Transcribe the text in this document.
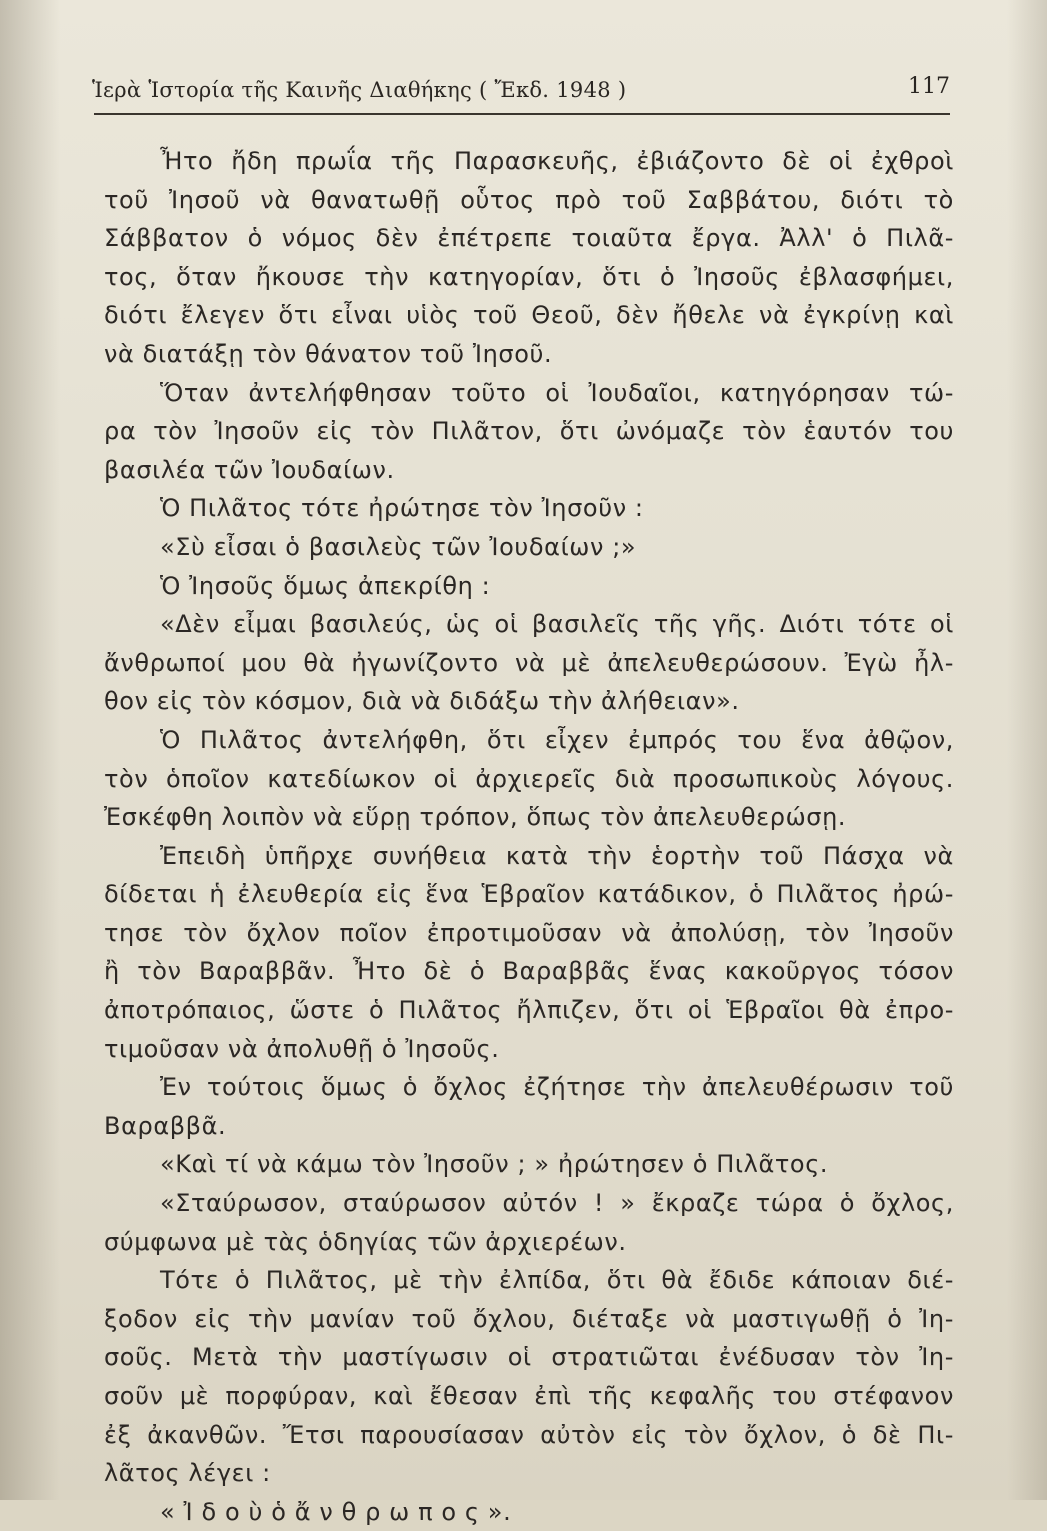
Ἱερὰ Ἱστορία τῆς Καινῆς Διαθήκης ( Ἔκδ. 1948 )	117
Ἦτο ἤδη πρωΐα τῆς Παρασκευῆς, ἐβιάζοντο δὲ οἱ ἐχθροὶ
τοῦ Ἰησοῦ νὰ θανατωθῇ οὗτος πρὸ τοῦ Σαββάτου, διότι τὸ
Σάββατον ὁ νόμος δὲν ἐπέτρεπε τοιαῦτα ἔργα. Ἀλλ' ὁ Πιλᾶ-
τος, ὅταν ἤκουσε τὴν κατηγορίαν, ὅτι ὁ Ἰησοῦς ἐβλασφήμει,
διότι ἔλεγεν ὅτι εἶναι υἱὸς τοῦ Θεοῦ, δὲν ἤθελε νὰ ἐγκρίνῃ καὶ
νὰ διατάξῃ τὸν θάνατον τοῦ Ἰησοῦ.
Ὅταν ἀντελήφθησαν τοῦτο οἱ Ἰουδαῖοι, κατηγόρησαν τώ-
ρα τὸν Ἰησοῦν εἰς τὸν Πιλᾶτον, ὅτι ὠνόμαζε τὸν ἑαυτόν του
βασιλέα τῶν Ἰουδαίων.
Ὁ Πιλᾶτος τότε ἠρώτησε τὸν Ἰησοῦν :
«Σὺ εἶσαι ὁ βασιλεὺς τῶν Ἰουδαίων ;»
Ὁ Ἰησοῦς ὅμως ἀπεκρίθη :
«Δὲν εἶμαι βασιλεύς, ὡς οἱ βασιλεῖς τῆς γῆς. Διότι τότε οἱ
ἄνθρωποί μου θὰ ἠγωνίζοντο νὰ μὲ ἀπελευθερώσουν. Ἐγὼ ἦλ-
θον εἰς τὸν κόσμον, διὰ νὰ διδάξω τὴν ἀλήθειαν».
Ὁ Πιλᾶτος ἀντελήφθη, ὅτι εἶχεν ἐμπρός του ἕνα ἀθῷον,
τὸν ὁποῖον κατεδίωκον οἱ ἀρχιερεῖς διὰ προσωπικοὺς λόγους.
Ἐσκέφθη λοιπὸν νὰ εὕρῃ τρόπον, ὅπως τὸν ἀπελευθερώσῃ.
Ἐπειδὴ ὑπῆρχε συνήθεια κατὰ τὴν ἑορτὴν τοῦ Πάσχα νὰ
δίδεται ἡ ἐλευθερία εἰς ἕνα Ἑβραῖον κατάδικον, ὁ Πιλᾶτος ἠρώ-
τησε τὸν ὄχλον ποῖον ἐπροτιμοῦσαν νὰ ἀπολύσῃ, τὸν Ἰησοῦν
ἢ τὸν Βαραββᾶν. Ἦτο δὲ ὁ Βαραββᾶς ἕνας κακοῦργος τόσον
ἀποτρόπαιος, ὥστε ὁ Πιλᾶτος ἤλπιζεν, ὅτι οἱ Ἑβραῖοι θὰ ἐπρο-
τιμοῦσαν νὰ ἀπολυθῇ ὁ Ἰησοῦς.
Ἐν τούτοις ὅμως ὁ ὄχλος ἐζήτησε τὴν ἀπελευθέρωσιν τοῦ
Βαραββᾶ.
«Καὶ τί νὰ κάμω τὸν Ἰησοῦν ; » ἠρώτησεν ὁ Πιλᾶτος.
«Σταύρωσον, σταύρωσον αὐτόν ! » ἔκραζε τώρα ὁ ὄχλος,
σύμφωνα μὲ τὰς ὁδηγίας τῶν ἀρχιερέων.
Τότε ὁ Πιλᾶτος, μὲ τὴν ἐλπίδα, ὅτι θὰ ἔδιδε κάποιαν διέ-
ξοδον εἰς τὴν μανίαν τοῦ ὄχλου, διέταξε νὰ μαστιγωθῇ ὁ Ἰη-
σοῦς. Μετὰ τὴν μαστίγωσιν οἱ στρατιῶται ἐνέδυσαν τὸν Ἰη-
σοῦν μὲ πορφύραν, καὶ ἔθεσαν ἐπὶ τῆς κεφαλῆς του στέφανον
ἐξ ἀκανθῶν. Ἔτσι παρουσίασαν αὐτὸν εἰς τὸν ὄχλον, ὁ δὲ Πι-
λᾶτος λέγει :
« Ἰ δ ο ὺ ὁ ἄ ν θ ρ ω π ο ς ».
